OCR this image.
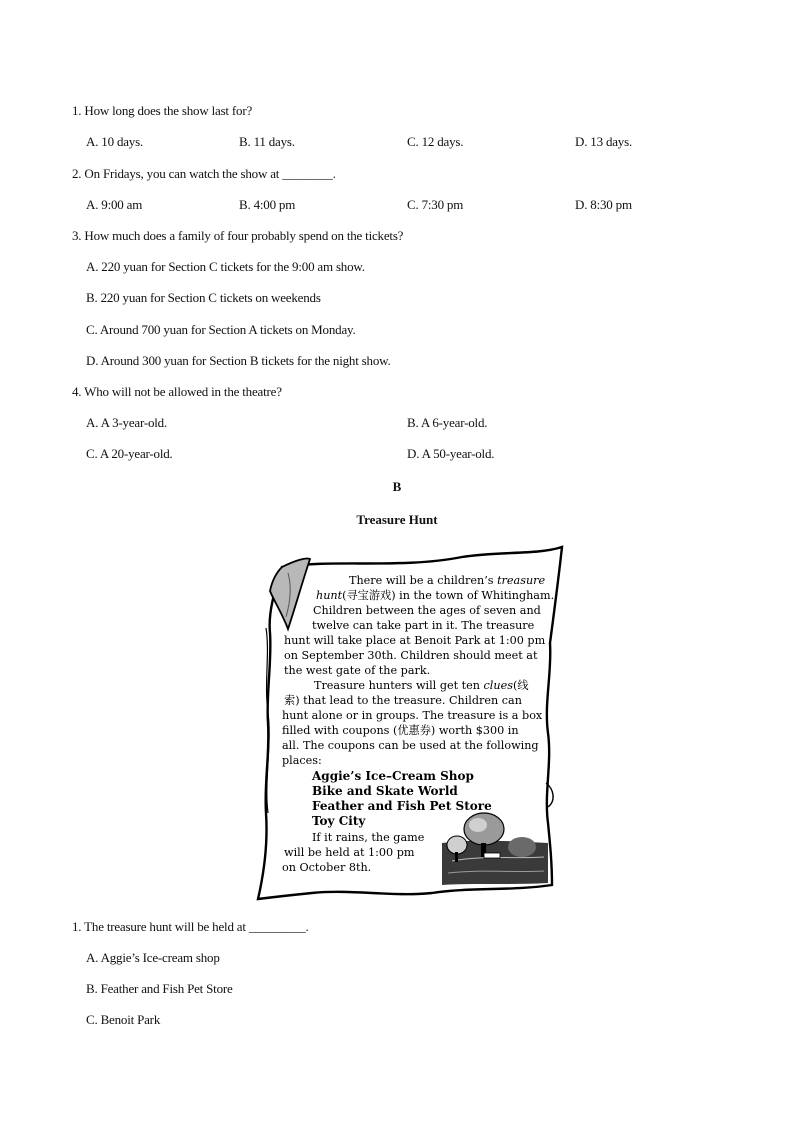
1. How long does the show last for?
A. 10 days.	B. 11 days.	C. 12 days.	D. 13 days.
2. On Fridays, you can watch the show at ________.
A. 9:00 am	B. 4:00 pm	C. 7:30 pm	D. 8:30 pm
3. How much does a family of four probably spend on the tickets?
A. 220 yuan for Section C tickets for the 9:00 am show.
B. 220 yuan for Section C tickets on weekends
C. Around 700 yuan for Section A tickets on Monday.
D. Around 300 yuan for Section B tickets for the night show.
4. Who will not be allowed in the theatre?
A. A 3-year-old.	B. A 6-year-old.
C. A 20-year-old.	D. A 50-year-old.
B
Treasure Hunt
There will be a children’s treasure
hunt(寻宝游戏) in the town of Whitingham.
Children between the ages of seven and
twelve can take part in it. The treasure
hunt will take place at Benoit Park at 1:00 pm
on September 30th. Children should meet at
the west gate of the park.
Treasure hunters will get ten clues(线
索) that lead to the treasure. Children can
hunt alone or in groups. The treasure is a box
filled with coupons (优惠券) worth $300 in
all. The coupons can be used at the following
places:
Aggie’s Ice–Cream Shop
Bike and Skate World
Feather and Fish Pet Store
Toy City
If it rains, the game
will be held at 1:00 pm
on October 8th.
1. The treasure hunt will be held at _________.
A. Aggie’s Ice-cream shop
B. Feather and Fish Pet Store
C. Benoit Park
